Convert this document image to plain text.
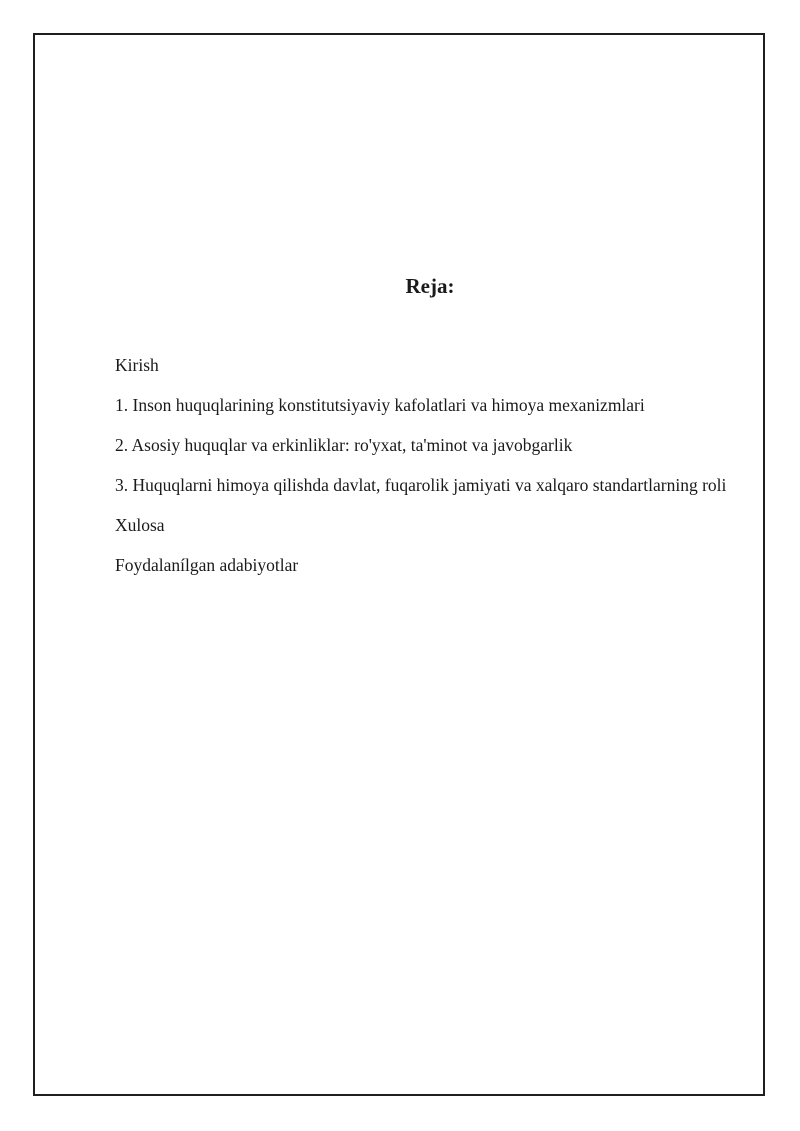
Reja:
Kirish
1. Inson huquqlarining konstitutsiyaviy kafolatlari va himoya mexanizmlari
2. Asosiy huquqlar va erkinliklar: ro'yxat, ta'minot va javobgarlik
3. Huquqlarni himoya qilishda davlat, fuqarolik jamiyati va xalqaro standartlarning roli
Xulosa
Foydalanílgan adabiyotlar
